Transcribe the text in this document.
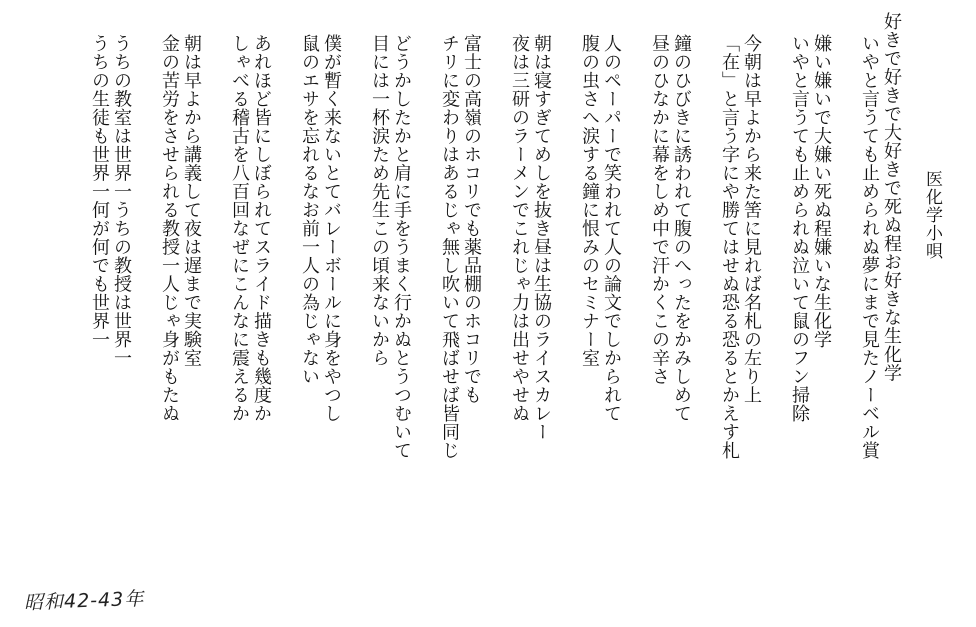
医化学小唄
好きで好きで大好きで死ぬ程お好きな生化学
いやと言うても止められぬ夢にまで見たノーベル賞
嫌い嫌いで大嫌い死ぬ程嫌いな生化学
いやと言うても止められぬ泣いて鼠のフン掃除
今朝は早よから来た筈に見れば名札の左り上
「在」と言う字にや勝てはせぬ恐る恐るとかえす札
鐘のひびきに誘われて腹のへったをかみしめて
昼のひなかに幕をしめ中で汗かくこの辛さ
人のペーパーで笑われて人の論文でしかられて
腹の虫さへ涙する鐘に恨みのセミナー室
朝は寝すぎてめしを抜き昼は生協のライスカレー
夜は三研のラーメンでこれじゃ力は出せやせぬ
富士の高嶺のホコリでも薬品棚のホコリでも
チリに変わりはあるじゃ無し吹いて飛ばせば皆同じ
どうかしたかと肩に手をうまく行かぬとうつむいて
目には一杯涙ため先生この頃来ないから
僕が暫く来ないとてバレーボールに身をやつし
鼠のエサを忘れるなお前一人の為じゃない
あれほど皆にしぼられてスライド描きも幾度か
しゃべる稽古を八百回なぜにこんなに震えるか
朝は早よから講義して夜は遅まで実験室
金の苦労をさせられる教授一人じゃ身がもたぬ
うちの教室は世界一うちの教授は世界一
うちの生徒も世界一何が何でも世界一
昭和42-43年
